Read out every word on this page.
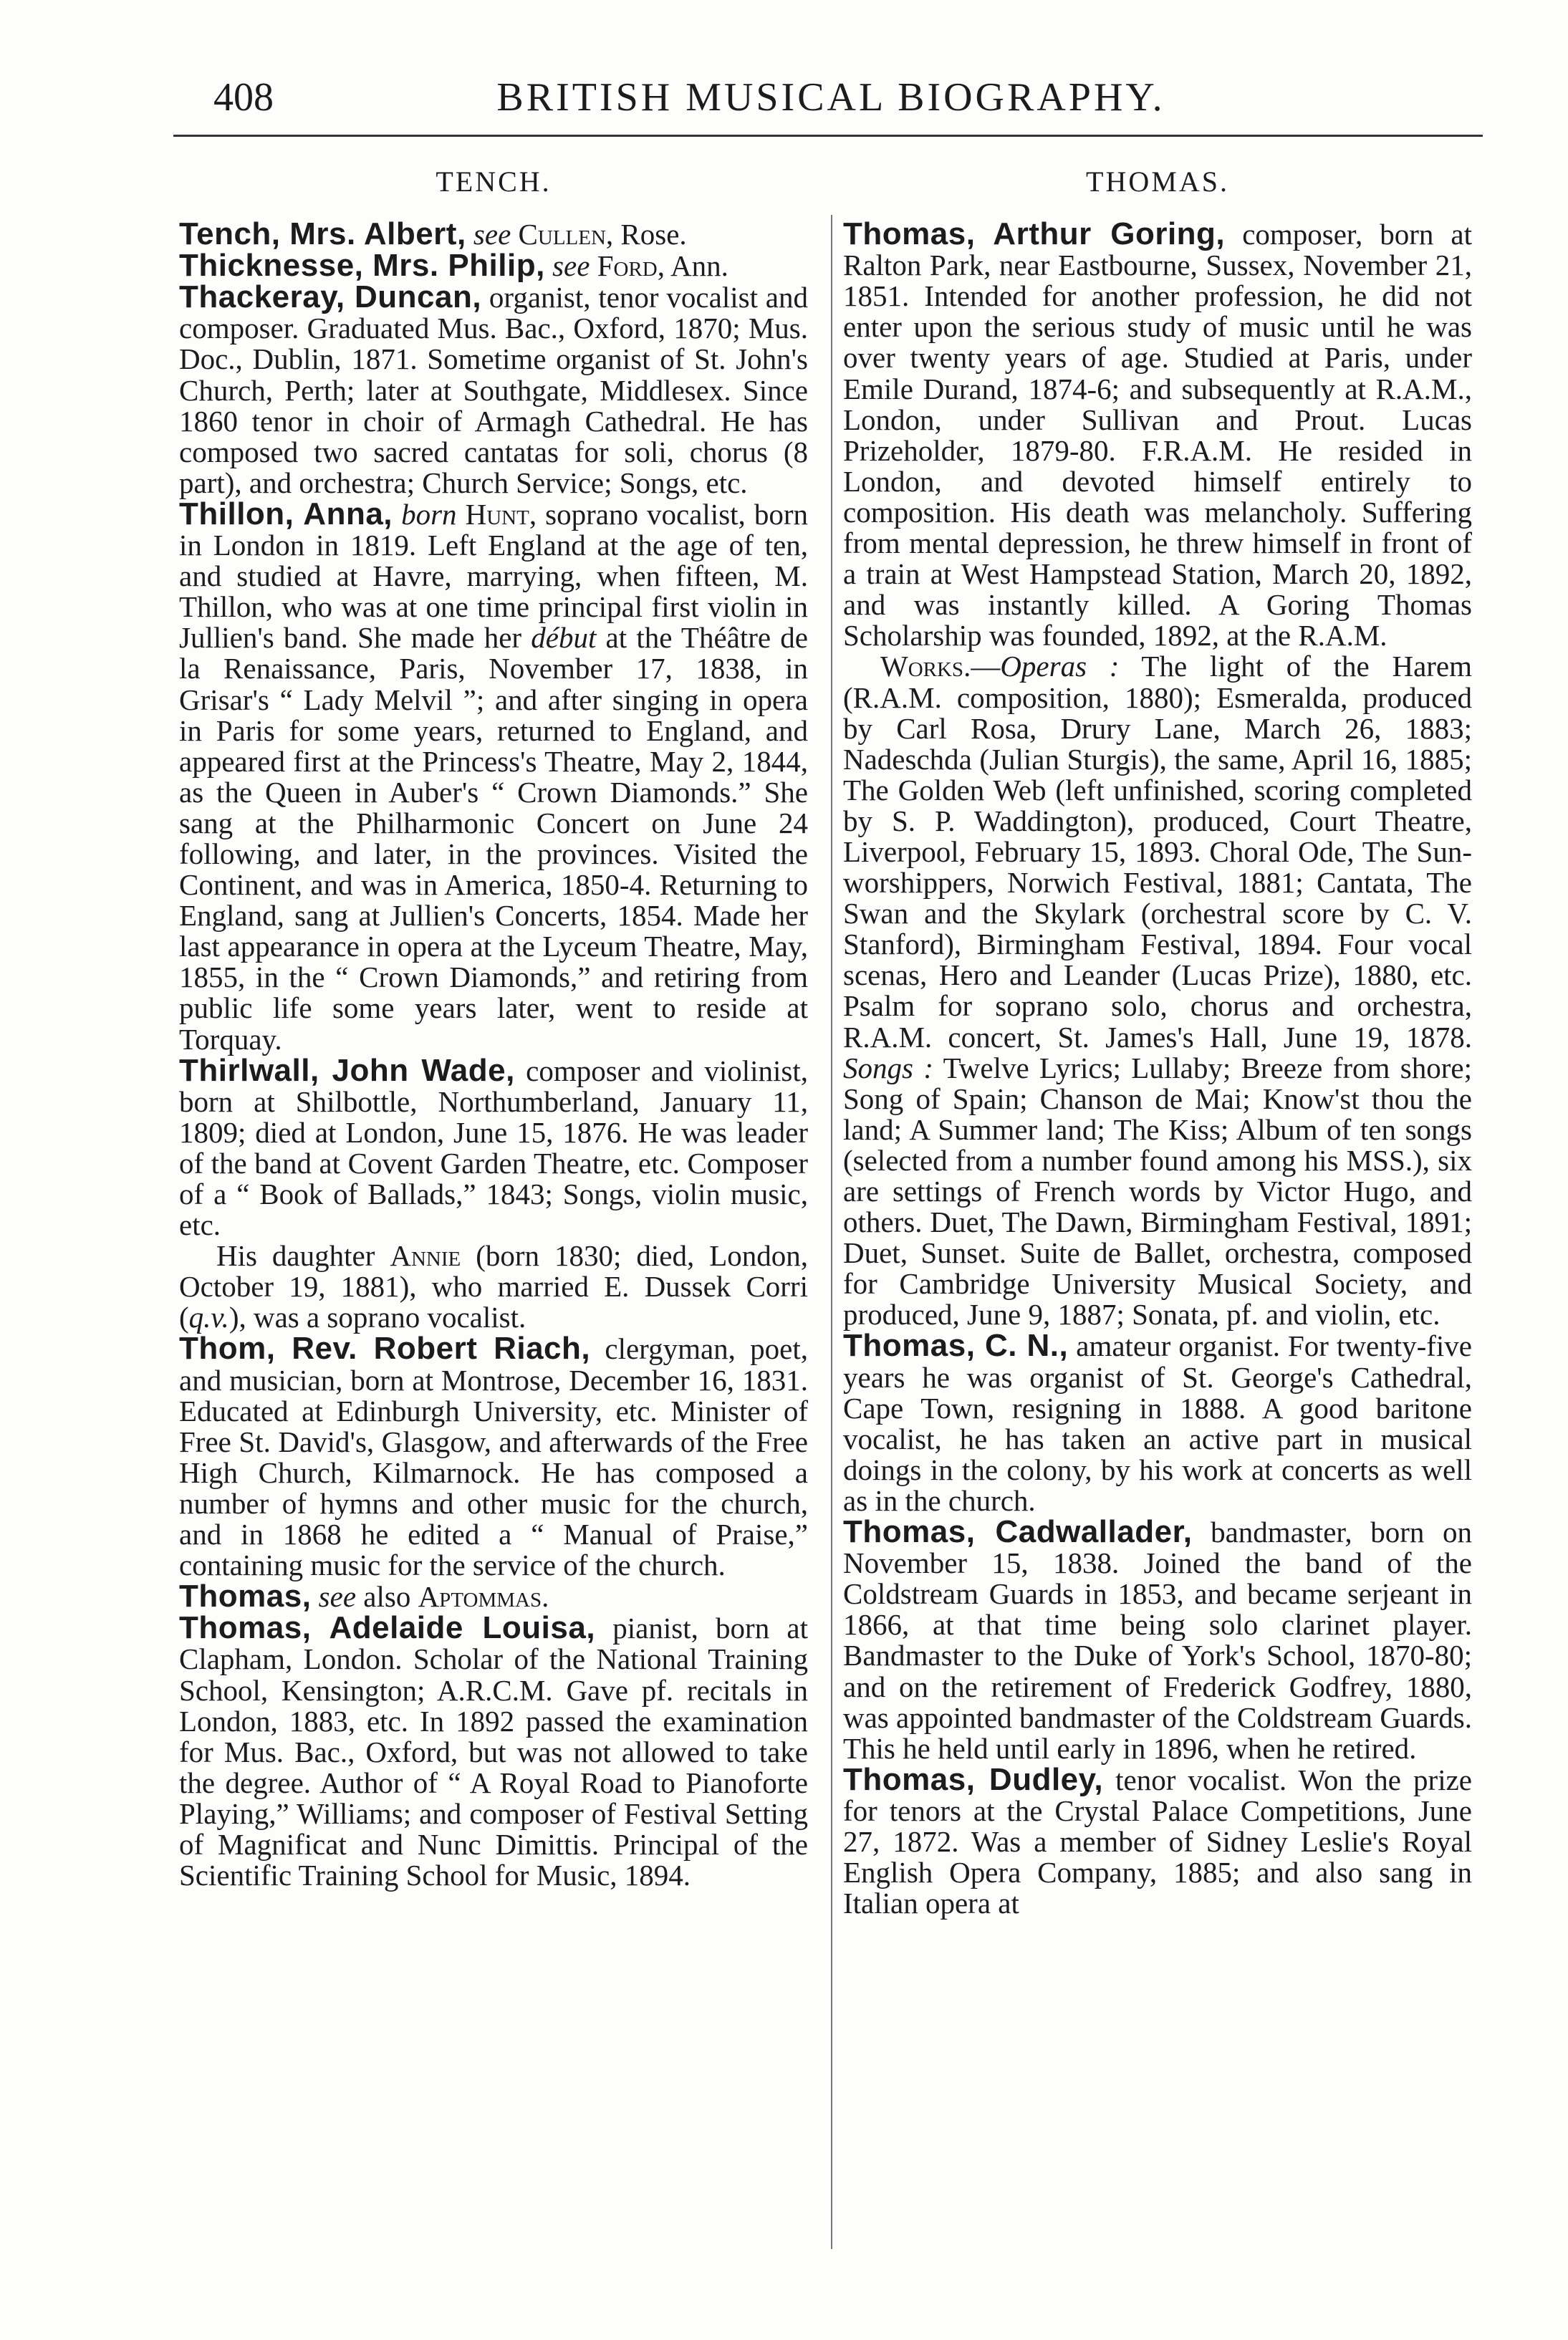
408	BRITISH MUSICAL BIOGRAPHY.
TENCH.

Tench, Mrs. Albert, see Cullen, Rose.

Thicknesse, Mrs. Philip, see Ford, Ann.

Thackeray, Duncan, organist, tenor vocalist and composer. Graduated Mus. Bac., Oxford, 1870; Mus. Doc., Dublin, 1871. Sometime organist of St. John's Church, Perth; later at Southgate, Middlesex. Since 1860 tenor in choir of Armagh Cathedral. He has composed two sacred cantatas for soli, chorus (8 part), and orchestra; Church Service; Songs, etc.

Thillon, Anna, born Hunt, soprano vocalist, born in London in 1819. Left England at the age of ten, and studied at Havre, marrying, when fifteen, M. Thillon, who was at one time principal first violin in Jullien's band. She made her début at the Théâtre de la Renaissance, Paris, November 17, 1838, in Grisar's “ Lady Melvil ”; and after singing in opera in Paris for some years, returned to England, and appeared first at the Princess's Theatre, May 2, 1844, as the Queen in Auber's “ Crown Diamonds.” She sang at the Philharmonic Concert on June 24 following, and later, in the provinces. Visited the Continent, and was in America, 1850-4. Returning to England, sang at Jullien's Concerts, 1854. Made her last appearance in opera at the Lyceum Theatre, May, 1855, in the “ Crown Diamonds,” and retiring from public life some years later, went to reside at Torquay.

Thirlwall, John Wade, composer and violinist, born at Shilbottle, Northumberland, January 11, 1809; died at London, June 15, 1876. He was leader of the band at Covent Garden Theatre, etc. Composer of a “ Book of Ballads,” 1843; Songs, violin music, etc.

His daughter Annie (born 1830; died, London, October 19, 1881), who married E. Dussek Corri (q.v.), was a soprano vocalist.

Thom, Rev. Robert Riach, clergyman, poet, and musician, born at Montrose, December 16, 1831. Educated at Edinburgh University, etc. Minister of Free St. David's, Glasgow, and afterwards of the Free High Church, Kilmarnock. He has composed a number of hymns and other music for the church, and in 1868 he edited a “ Manual of Praise,” containing music for the service of the church.

Thomas, see also Aptommas.

Thomas, Adelaide Louisa, pianist, born at Clapham, London. Scholar of the National Training School, Kensington; A.R.C.M. Gave pf. recitals in London, 1883, etc. In 1892 passed the examination for Mus. Bac., Oxford, but was not allowed to take the degree. Author of “ A Royal Road to Pianoforte Playing,” Williams; and composer of Festival Setting of Magnificat and Nunc Dimittis. Principal of the Scientific Training School for Music, 1894.

THOMAS.

Thomas, Arthur Goring, composer, born at Ralton Park, near Eastbourne, Sussex, November 21, 1851. Intended for another profession, he did not enter upon the serious study of music until he was over twenty years of age. Studied at Paris, under Emile Durand, 1874-6; and subsequently at R.A.M., London, under Sullivan and Prout. Lucas Prizeholder, 1879-80. F.R.A.M. He resided in London, and devoted himself entirely to composition. His death was melancholy. Suffering from mental depression, he threw himself in front of a train at West Hampstead Station, March 20, 1892, and was instantly killed. A Goring Thomas Scholarship was founded, 1892, at the R.A.M.

Works.—Operas : The light of the Harem (R.A.M. composition, 1880); Esmeralda, produced by Carl Rosa, Drury Lane, March 26, 1883; Nadeschda (Julian Sturgis), the same, April 16, 1885; The Golden Web (left unfinished, scoring completed by S. P. Waddington), produced, Court Theatre, Liverpool, February 15, 1893. Choral Ode, The Sun-worshippers, Norwich Festival, 1881; Cantata, The Swan and the Skylark (orchestral score by C. V. Stanford), Birmingham Festival, 1894. Four vocal scenas, Hero and Leander (Lucas Prize), 1880, etc. Psalm for soprano solo, chorus and orchestra, R.A.M. concert, St. James's Hall, June 19, 1878. Songs : Twelve Lyrics; Lullaby; Breeze from shore; Song of Spain; Chanson de Mai; Know'st thou the land; A Summer land; The Kiss; Album of ten songs (selected from a number found among his MSS.), six are settings of French words by Victor Hugo, and others. Duet, The Dawn, Birmingham Festival, 1891; Duet, Sunset. Suite de Ballet, orchestra, composed for Cambridge University Musical Society, and produced, June 9, 1887; Sonata, pf. and violin, etc.

Thomas, C. N., amateur organist. For twenty-five years he was organist of St. George's Cathedral, Cape Town, resigning in 1888. A good baritone vocalist, he has taken an active part in musical doings in the colony, by his work at concerts as well as in the church.

Thomas, Cadwallader, bandmaster, born on November 15, 1838. Joined the band of the Coldstream Guards in 1853, and became serjeant in 1866, at that time being solo clarinet player. Bandmaster to the Duke of York's School, 1870-80; and on the retirement of Frederick Godfrey, 1880, was appointed bandmaster of the Coldstream Guards. This he held until early in 1896, when he retired.

Thomas, Dudley, tenor vocalist. Won the prize for tenors at the Crystal Palace Competitions, June 27, 1872. Was a member of Sidney Leslie's Royal English Opera Company, 1885; and also sang in Italian opera at
